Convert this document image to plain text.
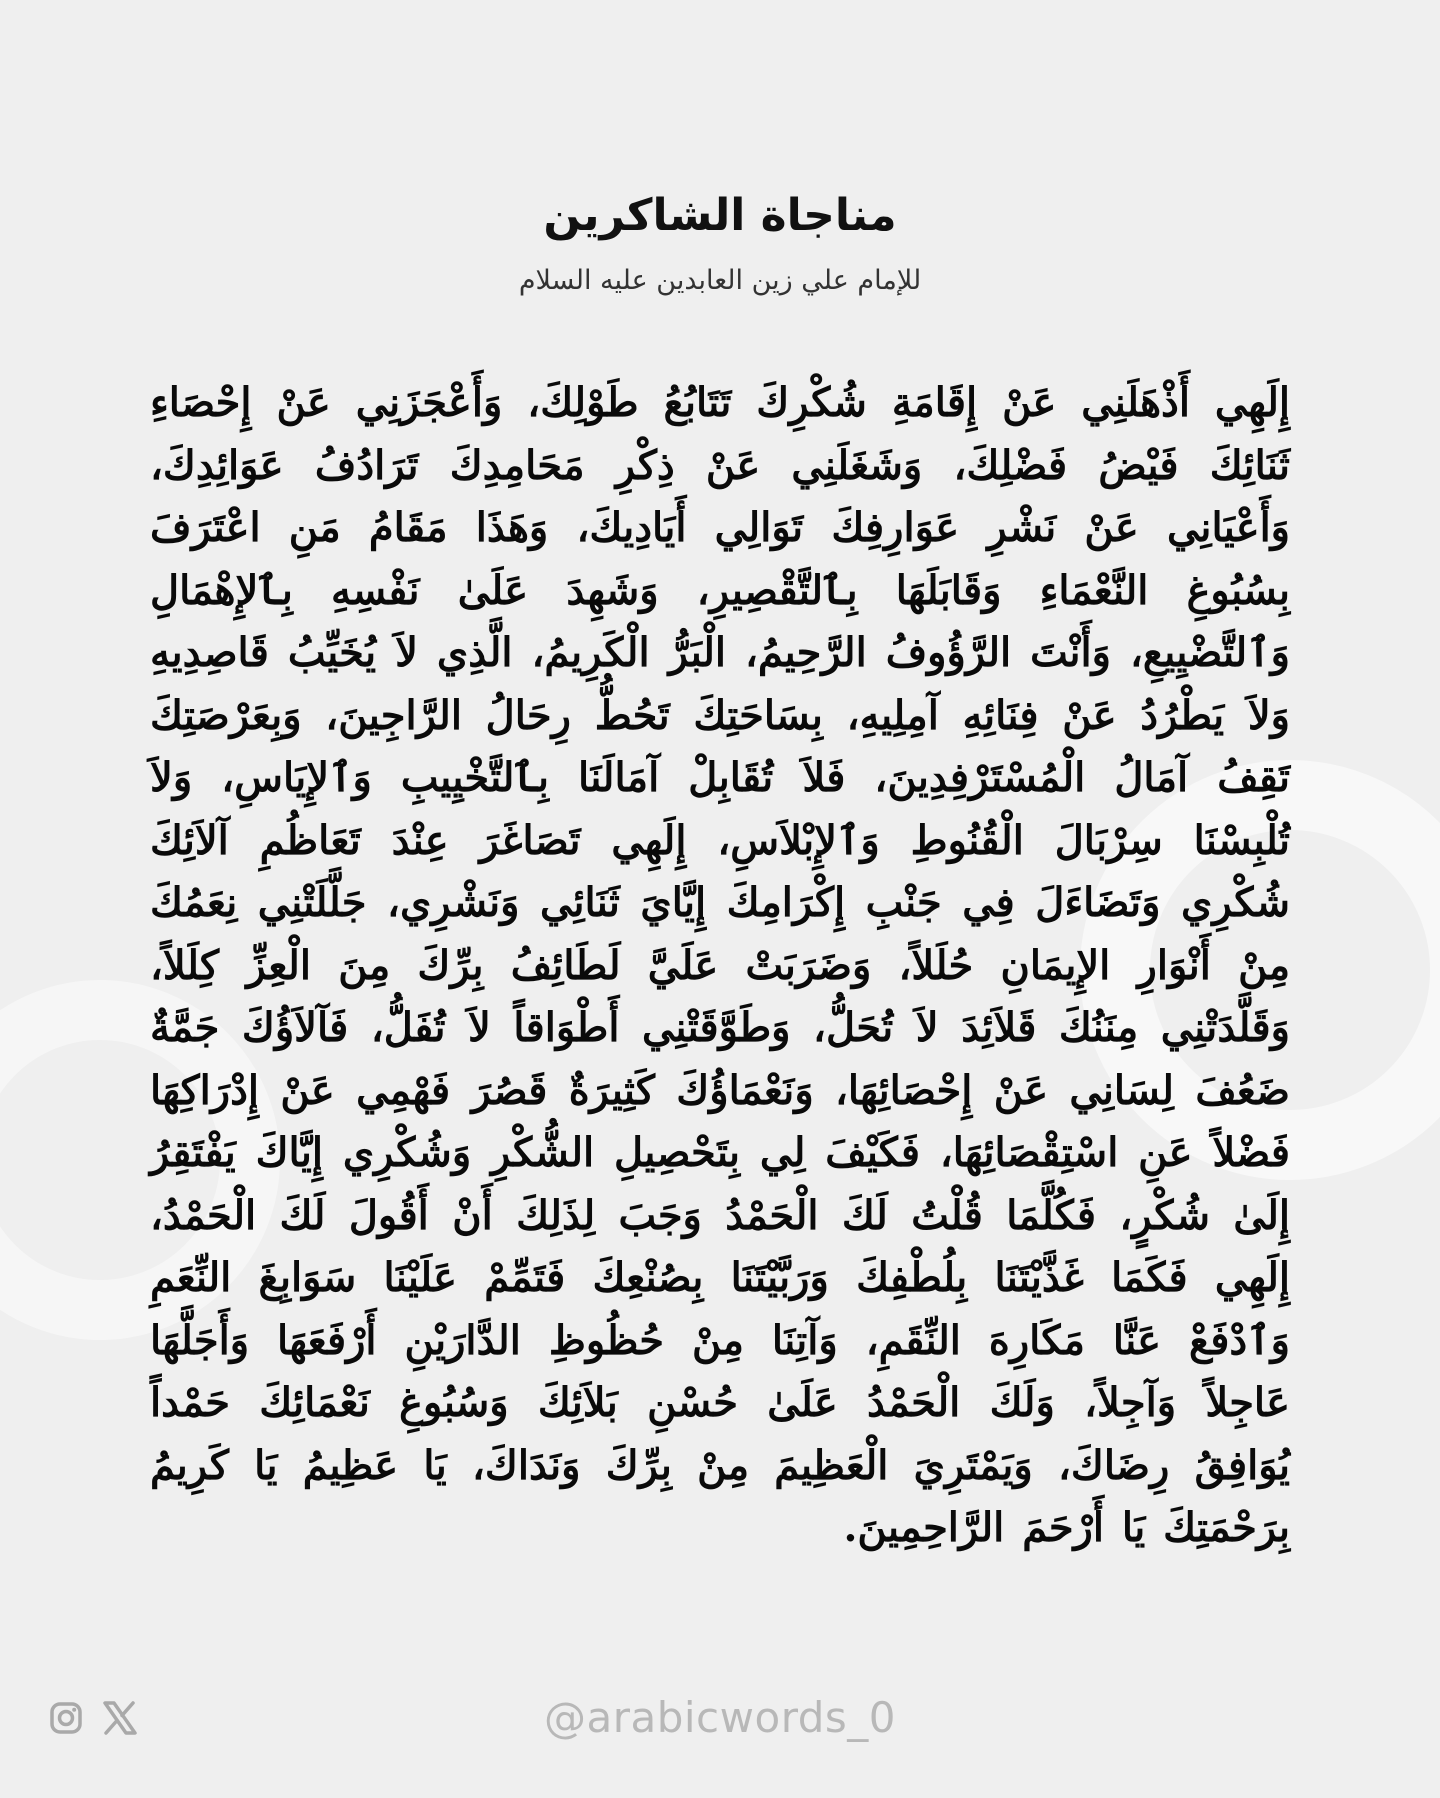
مناجاة الشاكرين
للإمام علي زين العابدين عليه السلام
إِلَهِي أَذْهَلَنِي عَنْ إِقَامَةِ شُكْرِكَ تَتَابُعُ طَوْلِكَ، وَأَعْجَزَنِي عَنْ إِحْصَاءِ ثَنَائِكَ فَيْضُ فَضْلِكَ، وَشَغَلَنِي عَنْ ذِكْرِ مَحَامِدِكَ تَرَادُفُ عَوَائِدِكَ، وَأَعْيَانِي عَنْ نَشْرِ عَوَارِفِكَ تَوَالِي أَيَادِيكَ، وَهَذَا مَقَامُ مَنِ اعْتَرَفَ بِسُبُوغِ النَّعْمَاءِ وَقَابَلَهَا بِٱلتَّقْصِيرِ، وَشَهِدَ عَلَىٰ نَفْسِهِ بِٱلإِهْمَالِ وَٱلتَّضْيِيعِ، وَأَنْتَ الرَّؤُوفُ الرَّحِيمُ، الْبَرُّ الْكَرِيمُ، الَّذِي لاَ يُخَيِّبُ قَاصِدِيهِ وَلاَ يَطْرُدُ عَنْ فِنَائِهِ آمِلِيهِ، بِسَاحَتِكَ تَحُطُّ رِحَالُ الرَّاجِينَ، وَبِعَرْصَتِكَ تَقِفُ آمَالُ الْمُسْتَرْفِدِينَ، فَلاَ تُقَابِلْ آمَالَنَا بِٱلتَّخْيِيبِ وَٱلإِيَاسِ، وَلاَ تُلْبِسْنَا سِرْبَالَ الْقُنُوطِ وَٱلإِبْلاَسِ، إِلَهِي تَصَاغَرَ عِنْدَ تَعَاظُمِ آلاَئِكَ شُكْرِي وَتَضَاءَلَ فِي جَنْبِ إِكْرَامِكَ إِيَّايَ ثَنَائِي وَنَشْرِي، جَلَّلَتْنِي نِعَمُكَ مِنْ أَنْوَارِ الإِيمَانِ حُلَلاً، وَضَرَبَتْ عَلَيَّ لَطَائِفُ بِرِّكَ مِنَ الْعِزِّ كِلَلاً، وَقَلَّدَتْنِي مِنَنُكَ قَلاَئِدَ لاَ تُحَلُّ، وَطَوَّقَتْنِي أَطْوَاقاً لاَ تُفَلُّ، فَآلاَؤُكَ جَمَّةٌ ضَعُفَ لِسَانِي عَنْ إِحْصَائِهَا، وَنَعْمَاؤُكَ كَثِيرَةٌ قَصُرَ فَهْمِي عَنْ إِدْرَاكِهَا فَضْلاً عَنِ اسْتِقْصَائِهَا، فَكَيْفَ لِي بِتَحْصِيلِ الشُّكْرِ وَشُكْرِي إِيَّاكَ يَفْتَقِرُ إِلَىٰ شُكْرٍ، فَكُلَّمَا قُلْتُ لَكَ الْحَمْدُ وَجَبَ لِذَلِكَ أَنْ أَقُولَ لَكَ الْحَمْدُ، إِلَهِي فَكَمَا غَذَّيْتَنَا بِلُطْفِكَ وَرَبَّيْتَنَا بِصُنْعِكَ فَتَمِّمْ عَلَيْنَا سَوَابِغَ النِّعَمِ وَٱدْفَعْ عَنَّا مَكَارِهَ النِّقَمِ، وَآتِنَا مِنْ حُظُوظِ الدَّارَيْنِ أَرْفَعَهَا وَأَجَلَّهَا عَاجِلاً وَآجِلاً، وَلَكَ الْحَمْدُ عَلَىٰ حُسْنِ بَلاَئِكَ وَسُبُوغِ نَعْمَائِكَ حَمْداً يُوَافِقُ رِضَاكَ، وَيَمْتَرِيَ الْعَظِيمَ مِنْ بِرِّكَ وَنَدَاكَ، يَا عَظِيمُ يَا كَرِيمُ بِرَحْمَتِكَ يَا أَرْحَمَ الرَّاحِمِينَ.
@arabicwords_0
